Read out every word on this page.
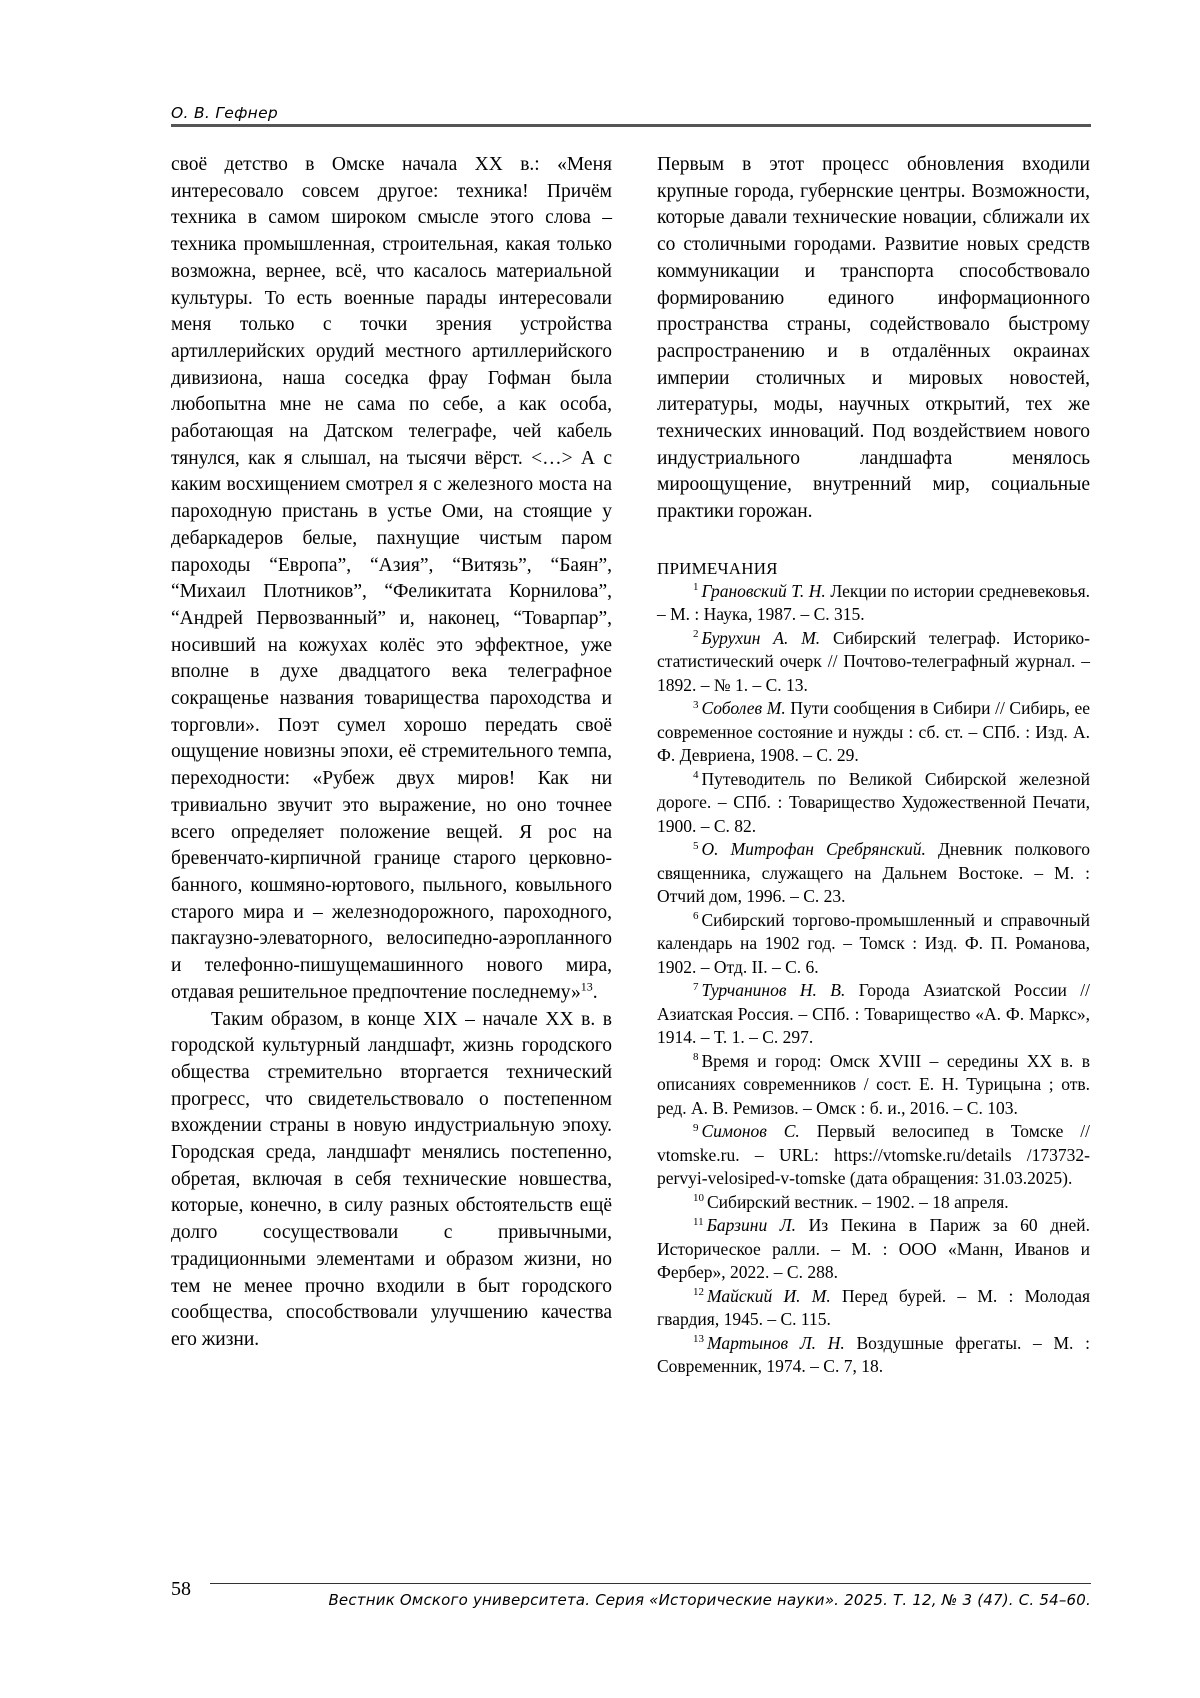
О. В. Гефнер

своё детство в Омске начала XX в.: «Меня интересовало совсем другое: техника! Причём техника в самом широком смысле этого слова – техника промышленная, строительная, какая только возможна, вернее, всё, что касалось материальной культуры. То есть военные парады интересовали меня только с точки зрения устройства артиллерийских орудий местного артиллерийского дивизиона, наша соседка фрау Гофман была любопытна мне не сама по себе, а как особа, работающая на Датском телеграфе, чей кабель тянулся, как я слышал, на тысячи вёрст. <…> А с каким восхищением смотрел я с железного моста на пароходную пристань в устье Оми, на стоящие у дебаркадеров белые, пахнущие чистым паром пароходы “Европа”, “Азия”, “Витязь”, “Баян”, “Михаил Плотников”, “Феликитата Корнилова”, “Андрей Первозванный” и, наконец, “Товарпар”, носивший на кожухах колёс это эффектное, уже вполне в духе двадцатого века телеграфное сокращенье названия товарищества пароходства и торговли». Поэт сумел хорошо передать своё ощущение новизны эпохи, её стремительного темпа, переходности: «Рубеж двух миров! Как ни тривиально звучит это выражение, но оно точнее всего определяет положение вещей. Я рос на бревенчато-кирпичной границе старого церковно-банного, кошмяно-юртового, пыльного, ковыльного старого мира и – железнодорожного, пароходного, пакгаузно-элеваторного, велосипедно-аэропланного и телефонно-пишущемашинного нового мира, отдавая решительное предпочтение последнему»$^{13}$.

Таким образом, в конце XIX – начале XX в. в городской культурный ландшафт, жизнь городского общества стремительно вторгается технический прогресс, что свидетельствовало о постепенном вхождении страны в новую индустриальную эпоху. Городская среда, ландшафт менялись постепенно, обретая, включая в себя технические новшества, которые, конечно, в силу разных обстоятельств ещё долго сосуществовали с привычными, традиционными элементами и образом жизни, но тем не менее прочно входили в быт городского сообщества, способствовали улучшению качества его жизни.

Первым в этот процесс обновления входили крупные города, губернские центры. Возможности, которые давали технические новации, сближали их со столичными городами. Развитие новых средств коммуникации и транспорта способствовало формированию единого информационного пространства страны, содействовало быстрому распространению и в отдалённых окраинах империи столичных и мировых новостей, литературы, моды, научных открытий, тех же технических инноваций. Под воздействием нового индустриального ландшафта менялось мироощущение, внутренний мир, социальные практики горожан.

ПРИМЕЧАНИЯ

$^1$ Грановский Т. Н. Лекции по истории средневековья. – М. : Наука, 1987. – С. 315.

$^2$ Бурухин А. М. Сибирский телеграф. Историко-статистический очерк // Почтово-телеграфный журнал. – 1892. – № 1. – С. 13.

$^3$ Соболев М. Пути сообщения в Сибири // Сибирь, ее современное состояние и нужды : сб. ст. – СПб. : Изд. А. Ф. Девриена, 1908. – С. 29.

$^4$ Путеводитель по Великой Сибирской железной дороге. – СПб. : Товарищество Художественной Печати, 1900. – С. 82.

$^5$ О. Митрофан Сребрянский. Дневник полкового священника, служащего на Дальнем Востоке. – М. : Отчий дом, 1996. – С. 23.

$^6$ Сибирский торгово-промышленный и справочный календарь на 1902 год. – Томск : Изд. Ф. П. Романова, 1902. – Отд. II. – С. 6.

$^7$ Турчанинов Н. В. Города Азиатской России // Азиатская Россия. – СПб. : Товарищество «А. Ф. Маркс», 1914. – Т. 1. – С. 297.

$^8$ Время и город: Омск XVIII – середины XX в. в описаниях современников / сост. Е. Н. Турицына ; отв. ред. А. В. Ремизов. – Омск : б. и., 2016. – С. 103.

$^9$ Симонов С. Первый велосипед в Томске // vtomske.ru. – URL: https://vtomske.ru/details /173732-pervyi-velosiped-v-tomske (дата обращения: 31.03.2025).

$^{10}$ Сибирский вестник. – 1902. – 18 апреля.

$^{11}$ Барзини Л. Из Пекина в Париж за 60 дней. Историческое ралли. – М. : ООО «Манн, Иванов и Фербер», 2022. – С. 288.

$^{12}$ Майский И. М. Перед бурей. – М. : Молодая гвардия, 1945. – С. 115.

$^{13}$ Мартынов Л. Н. Воздушные фрегаты. – М. : Современник, 1974. – С. 7, 18.

58	Вестник Омского университета. Серия «Исторические науки». 2025. Т. 12, № 3 (47). С. 54–60.
